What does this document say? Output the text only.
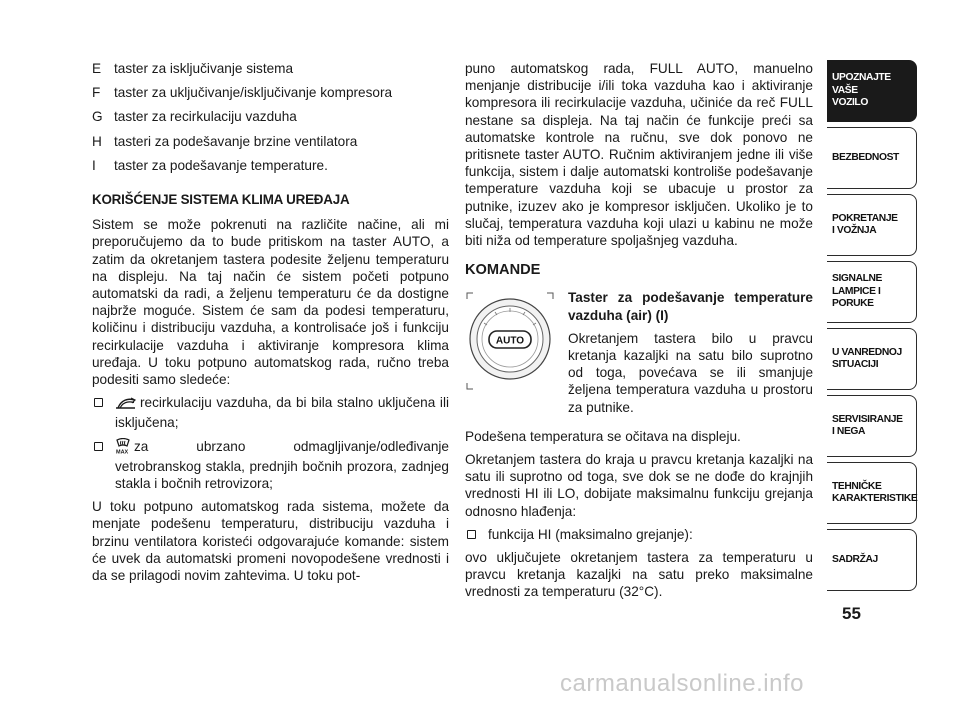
E taster za isključivanje sistema
F	taster za uključivanje/isključivanje kompresora
G taster za recirkulaciju vazduha
H tasteri za podešavanje brzine ventilatora
I	taster za podešavanje temperature.
KORIŠĆENJE SISTEMA KLIMA UREĐAJA

Sistem se može pokrenuti na različite načine, ali mi preporučujemo da to bude pritiskom na taster AUTO, a zatim da okretanjem tastera podesite željenu temperaturu na displeju. Na taj način će sistem početi potpuno automatski da radi, a željenu temperaturu će da dostigne najbrže moguće. Sistem će sam da podesi temperaturu, količinu i distribuciju vazduha, a kontrolisaće još i funkciju recirkulacije vazduha i aktiviranje kompresora klima uređaja. U toku potpuno automatskog rada, ručno treba podesiti samo sledeće:

recirkulaciju vazduha, da bi bila stalno uključena ili isključena;
MAX za ubrzano odmagljivanje/odleđivanje vetrobranskog stakla, prednjih bočnih prozora, zadnjeg stakla i bočnih retrovizora;

U toku potpuno automatskog rada sistema, možete da menjate podešenu temperaturu, distribuciju vazduha i brzinu ventilatora koristeći odgovarajuće komande: sistem će uvek da automatski promeni novopodešene vrednosti i da se prilagodi novim zahtevima. U toku pot-

puno automatskog rada, FULL AUTO, manuelno menjanje distribucije i/ili toka vazduha kao i aktiviranje kompresora ili recirkulacije vazduha, učiniće da reč FULL nestane sa displeja. Na taj način će funkcije preći sa automatske kontrole na ručnu, sve dok ponovo ne pritisnete taster AUTO. Ručnim aktiviranjem jedne ili više funkcija, sistem i dalje automatski kontroliše podešavanje temperature vazduha koji se ubacuje u prostor za putnike, izuzev ako je kompresor isključen. Ukoliko je to slučaj, temperatura vazduha koji ulazi u kabinu ne može biti niža od temperature spoljašnjeg vazduha.

KOMANDE
AUTO
Taster za podešavanje temperature vazduha (air) (I)

Okretanjem tastera bilo u pravcu kretanja kazaljki na satu bilo suprotno od toga, povećava se ili smanjuje željena temperatura vazduha u prostoru za putnike.

Podešena temperatura se očitava na displeju.

Okretanjem tastera do kraja u pravcu kretanja kazaljki na satu ili suprotno od toga, sve dok se ne dođe do krajnjih vrednosti HI ili LO, dobijate maksimalnu funkciju grejanja odnosno hlađenja:

funkcija HI (maksimalno grejanje):

ovo uključujete okretanjem tastera za temperaturu u pravcu kretanja kazaljki na satu preko maksimalne vrednosti za temperaturu (32°C).

UPOZNAJTE
VAŠE
VOZILO
BEZBEDNOST
POKRETANJE
I VOŽNJA
SIGNALNE
LAMPICE I PORUKE
U VANREDNOJ
SITUACIJI
SERVISIRANJE
I NEGA
TEHNIČKE
KARAKTERISTIKE
SADRŽAJ
55
carmanualsonline.info
